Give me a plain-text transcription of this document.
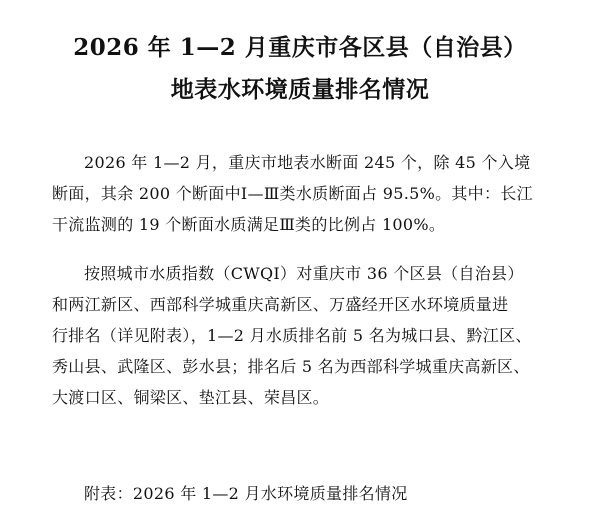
2026 年 1—2 月重庆市各区县（自治县）
地表水环境质量排名情况
2026 年 1—2 月，重庆市地表水断面 245 个，除 45 个入境
断面，其余 200 个断面中Ⅰ—Ⅲ类水质断面占 95.5%。其中：长江
干流监测的 19 个断面水质满足Ⅲ类的比例占 100%。
按照城市水质指数（CWQI）对重庆市 36 个区县（自治县）
和两江新区、西部科学城重庆高新区、万盛经开区水环境质量进
行排名（详见附表），1—2 月水质排名前 5 名为城口县、黔江区、
秀山县、武隆区、彭水县；排名后 5 名为西部科学城重庆高新区、
大渡口区、铜梁区、垫江县、荣昌区。
附表：2026 年 1—2 月水环境质量排名情况
